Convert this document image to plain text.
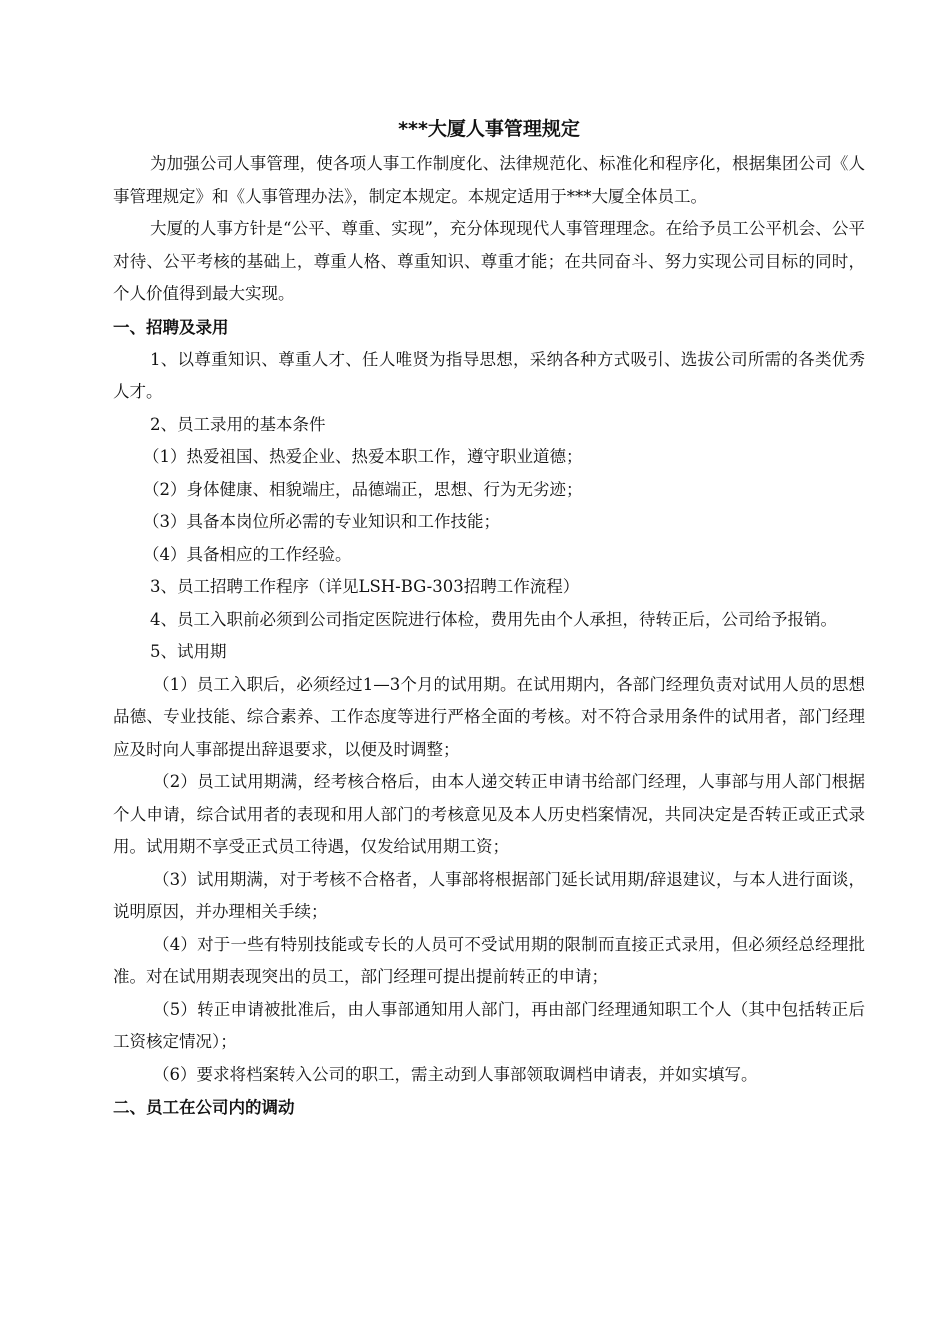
***大厦人事管理规定

为加强公司人事管理，使各项人事工作制度化、法律规范化、标准化和程序化，根据集团公司《人事管理规定》和《人事管理办法》，制定本规定。本规定适用于***大厦全体员工。

大厦的人事方针是“公平、尊重、实现”，充分体现现代人事管理理念。在给予员工公平机会、公平对待、公平考核的基础上，尊重人格、尊重知识、尊重才能；在共同奋斗、努力实现公司目标的同时，个人价值得到最大实现。

一、招聘及录用

1、以尊重知识、尊重人才、任人唯贤为指导思想，采纳各种方式吸引、选拔公司所需的各类优秀人才。

2、员工录用的基本条件

（1）热爱祖国、热爱企业、热爱本职工作，遵守职业道德；

（2）身体健康、相貌端庄，品德端正，思想、行为无劣迹；

（3）具备本岗位所必需的专业知识和工作技能；

（4）具备相应的工作经验。

3、员工招聘工作程序（详见LSH-BG-303招聘工作流程）

4、员工入职前必须到公司指定医院进行体检，费用先由个人承担，待转正后，公司给予报销。

5、试用期

（1）员工入职后，必须经过1—3个月的试用期。在试用期内，各部门经理负责对试用人员的思想品德、专业技能、综合素养、工作态度等进行严格全面的考核。对不符合录用条件的试用者，部门经理应及时向人事部提出辞退要求，以便及时调整；

（2）员工试用期满，经考核合格后，由本人递交转正申请书给部门经理，人事部与用人部门根据个人申请，综合试用者的表现和用人部门的考核意见及本人历史档案情况，共同决定是否转正或正式录用。试用期不享受正式员工待遇，仅发给试用期工资；

（3）试用期满，对于考核不合格者，人事部将根据部门延长试用期/辞退建议，与本人进行面谈，说明原因，并办理相关手续；

（4）对于一些有特别技能或专长的人员可不受试用期的限制而直接正式录用，但必须经总经理批准。对在试用期表现突出的员工，部门经理可提出提前转正的申请；

（5）转正申请被批准后，由人事部通知用人部门，再由部门经理通知职工个人（其中包括转正后工资核定情况）；

（6）要求将档案转入公司的职工，需主动到人事部领取调档申请表，并如实填写。

二、员工在公司内的调动
